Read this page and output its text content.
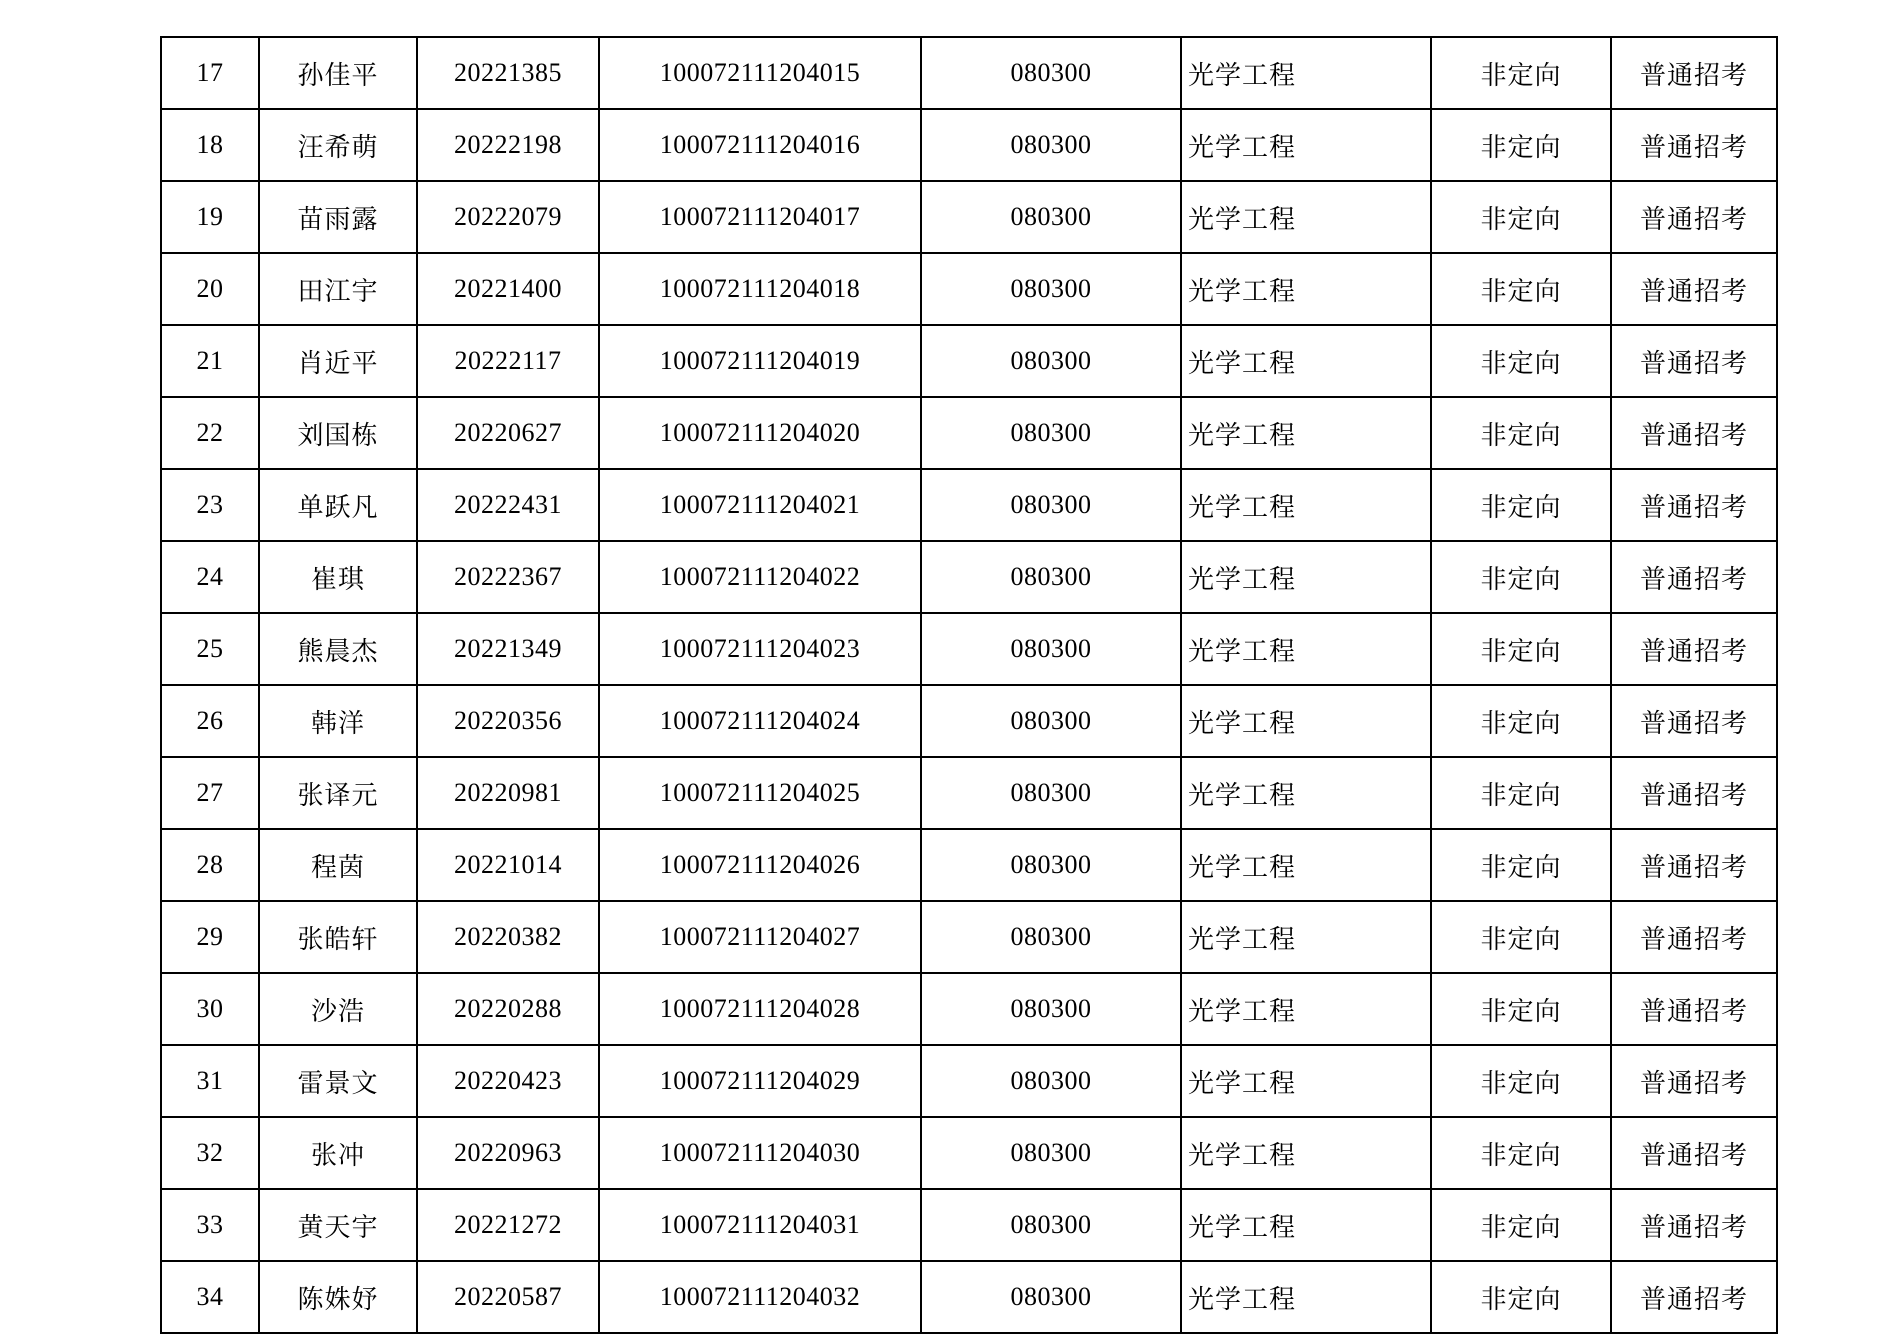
17	孙佳平	20221385	100072111204015	080300	光学工程	非定向	普通招考
18	汪希萌	20222198	100072111204016	080300	光学工程	非定向	普通招考
19	苗雨露	20222079	100072111204017	080300	光学工程	非定向	普通招考
20	田江宇	20221400	100072111204018	080300	光学工程	非定向	普通招考
21	肖近平	20222117	100072111204019	080300	光学工程	非定向	普通招考
22	刘国栋	20220627	100072111204020	080300	光学工程	非定向	普通招考
23	单跃凡	20222431	100072111204021	080300	光学工程	非定向	普通招考
24	崔琪	20222367	100072111204022	080300	光学工程	非定向	普通招考
25	熊晨杰	20221349	100072111204023	080300	光学工程	非定向	普通招考
26	韩洋	20220356	100072111204024	080300	光学工程	非定向	普通招考
27	张译元	20220981	100072111204025	080300	光学工程	非定向	普通招考
28	程茵	20221014	100072111204026	080300	光学工程	非定向	普通招考
29	张皓轩	20220382	100072111204027	080300	光学工程	非定向	普通招考
30	沙浩	20220288	100072111204028	080300	光学工程	非定向	普通招考
31	雷景文	20220423	100072111204029	080300	光学工程	非定向	普通招考
32	张冲	20220963	100072111204030	080300	光学工程	非定向	普通招考
33	黄天宇	20221272	100072111204031	080300	光学工程	非定向	普通招考
34	陈姝妤	20220587	100072111204032	080300	光学工程	非定向	普通招考
